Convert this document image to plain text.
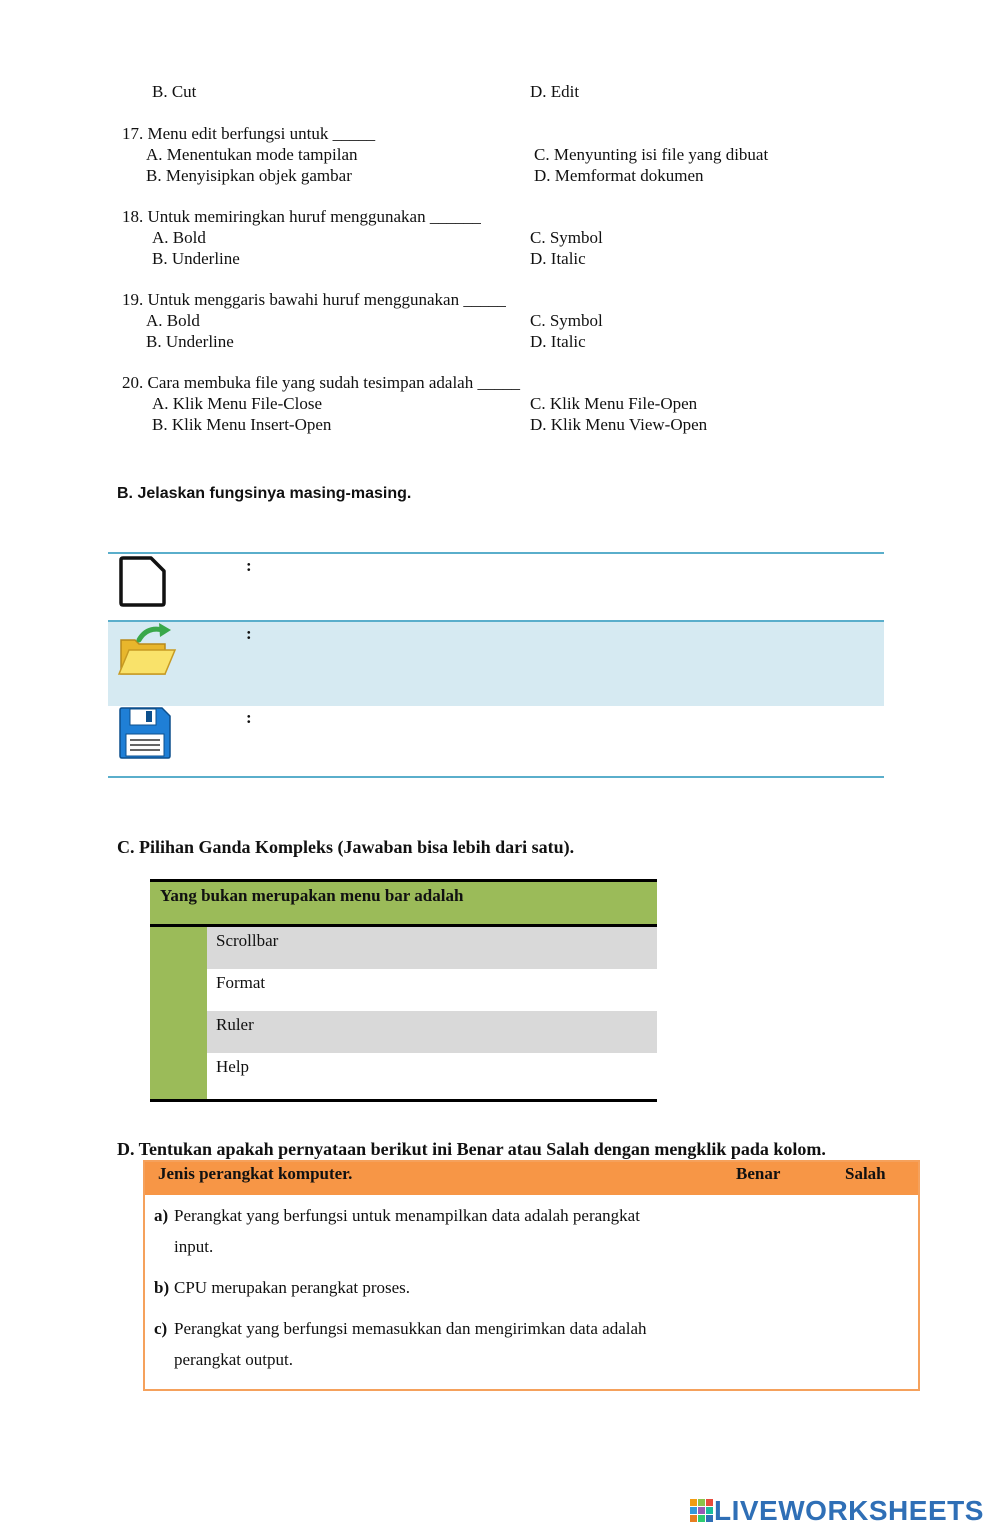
B. Cut	D. Edit
17. Menu edit berfungsi untuk _____
A. Menentukan mode tampilan
B. Menyisipkan objek gambar
C. Menyunting isi file yang dibuat
D. Memformat dokumen
18. Untuk memiringkan huruf menggunakan ______
A. Bold
B. Underline
C. Symbol
D. Italic
19. Untuk menggaris bawahi huruf menggunakan _____
A. Bold
B. Underline
C. Symbol
D. Italic
20. Cara membuka file yang sudah tesimpan adalah _____
A. Klik Menu File-Close
B. Klik Menu Insert-Open
C. Klik Menu File-Open
D. Klik Menu View-Open
B. Jelaskan fungsinya masing-masing.
:
:
:
C. Pilihan Ganda Kompleks (Jawaban bisa lebih dari satu).
Yang bukan merupakan menu bar adalah
Scrollbar
Format
Ruler
Help
D. Tentukan apakah pernyataan berikut ini Benar atau Salah dengan mengklik pada kolom.
Jenis perangkat komputer.	Benar	Salah
a) Perangkat yang berfungsi untuk menampilkan data adalah perangkat
input.
b) CPU merupakan perangkat proses.
c) Perangkat yang berfungsi memasukkan dan mengirimkan data adalah
perangkat output.
LIVEWORKSHEETS
